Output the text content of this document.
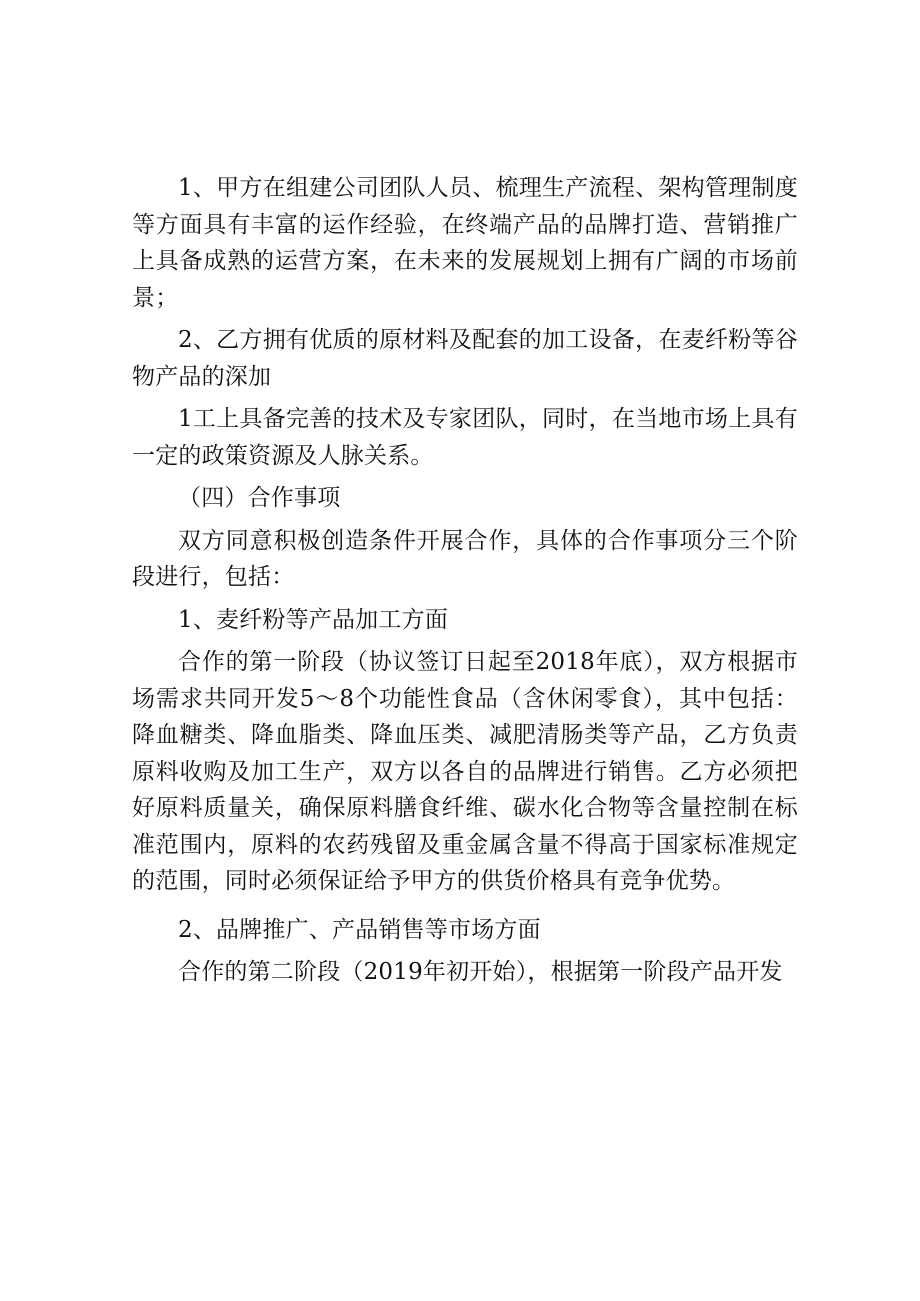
1、甲方在组建公司团队人员、梳理生产流程、架构管理制度等方面具有丰富的运作经验，在终端产品的品牌打造、营销推广上具备成熟的运营方案，在未来的发展规划上拥有广阔的市场前景；

2、乙方拥有优质的原材料及配套的加工设备，在麦纤粉等谷物产品的深加

1工上具备完善的技术及专家团队，同时，在当地市场上具有一定的政策资源及人脉关系。

（四）合作事项

双方同意积极创造条件开展合作，具体的合作事项分三个阶段进行，包括：

1、麦纤粉等产品加工方面

合作的第一阶段（协议签订日起至2018年底），双方根据市场需求共同开发5～8个功能性食品（含休闲零食），其中包括：降血糖类、降血脂类、降血压类、减肥清肠类等产品，乙方负责原料收购及加工生产，双方以各自的品牌进行销售。乙方必须把好原料质量关，确保原料膳食纤维、碳水化合物等含量控制在标准范围内，原料的农药残留及重金属含量不得高于国家标准规定的范围，同时必须保证给予甲方的供货价格具有竞争优势。

2、品牌推广、产品销售等市场方面

合作的第二阶段（2019年初开始），根据第一阶段产品开发
